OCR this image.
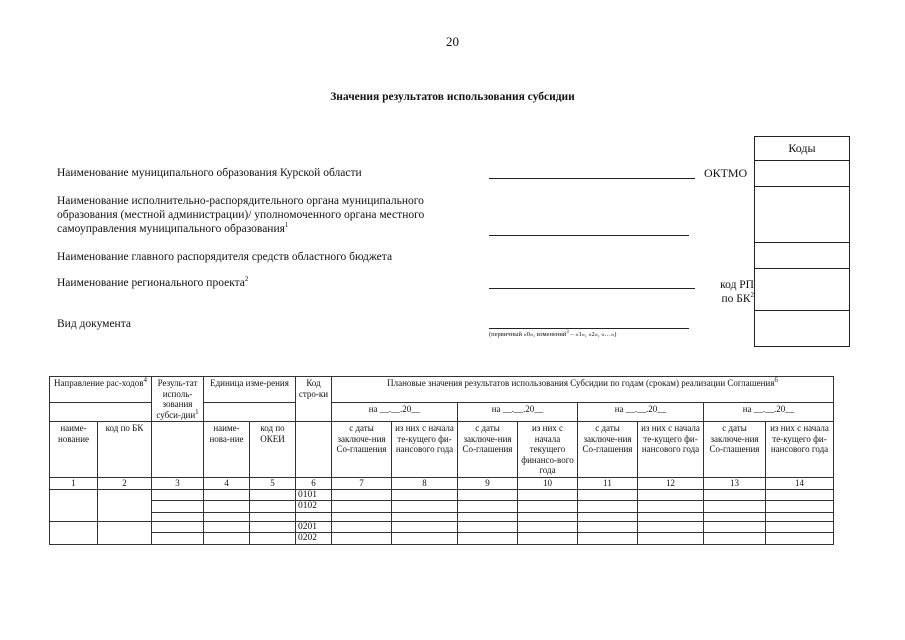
20
Значения результатов использования субсидии
Коды
Наименование муниципального образования Курской области	ОКТМО
Наименование исполнительно-распорядительного органа муниципального
образования (местной администрации)/ уполномоченного органа местного
самоуправления муниципального образования$^1$
Наименование главного распорядителя средств областного бюджета
Наименование регионального проекта$^2$	код РП
по $БК^2$
Вид документа
(первичный «0», изменений$^3$ – «1», «2», «…»)
Направление рас-ходов$^4$		Резуль-тат исполь-зования субси-дии$^1$	Единица изме-рения		Код стро-ки	Плановые значения результатов использования Субсидии по годам (срокам) реализации Соглашения$^6$
						на __.__.20__		на __.__.20__		на __.__.20__		на __.__.20__	
наиме-нование	код по БК		наиме-нова-ние	код по ОКЕИ		с даты заключе-ния Со-глашения	из них с начала те-кущего фи-нансового года	с даты заключе-ния Со-глашения	из них с начала текущего финансо-вого года	с даты заключе-ния Со-глашения	из них с начала те-кущего фи-нансового года	с даты заключе-ния Со-глашения	из них с начала те-кущего фи-нансового года
1	2	3	4	5	6	7	8	9	10	11	12	13	14
					0101								
					0102								

					0201								
					0202								
